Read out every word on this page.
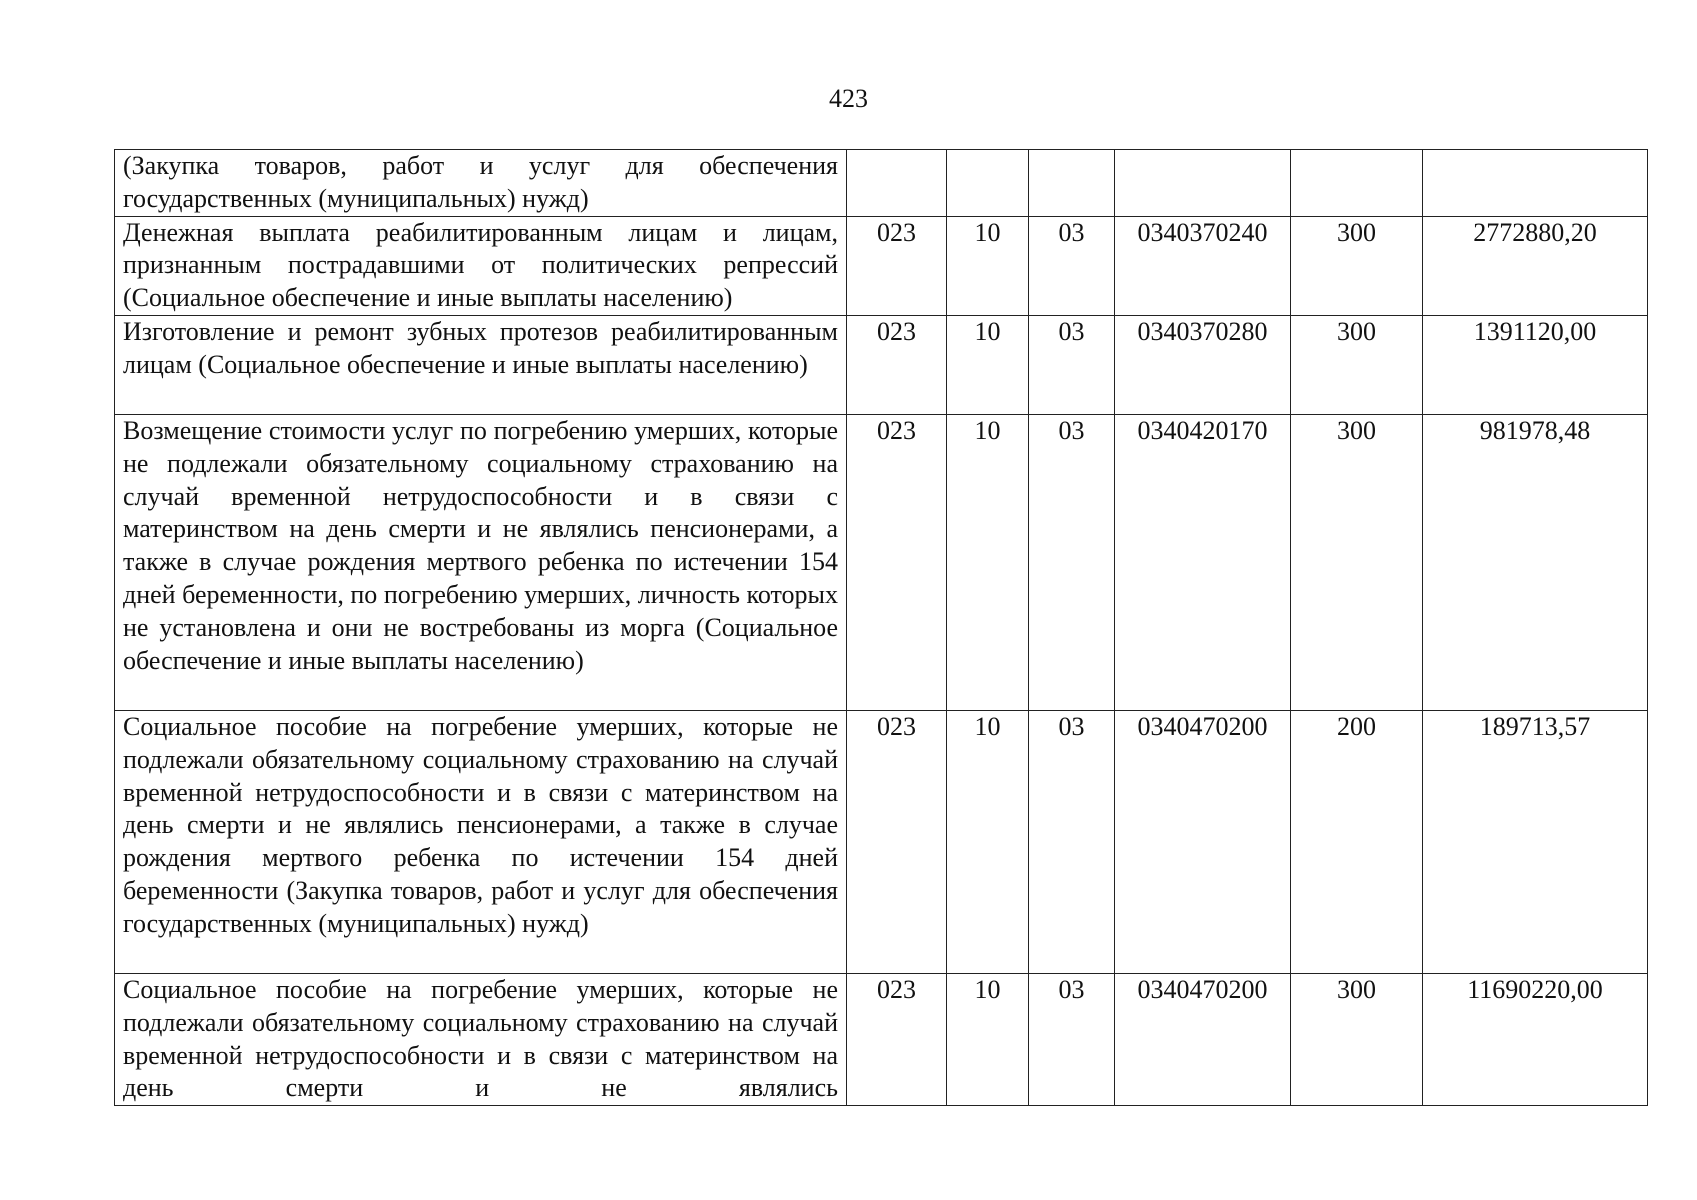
423
(Закупка товаров, работ и услуг для обеспечения государственных (муниципальных) нужд)						
Денежная выплата реабилитированным лицам и лицам, признанным пострадавшими от политических репрессий (Социальное обеспечение и иные выплаты населению)	023	10	03	0340370240	300	2772880,20
Изготовление и ремонт зубных протезов реабилитированным лицам (Социальное обеспечение и иные выплаты населению)	023	10	03	0340370280	300	1391120,00
Возмещение стоимости услуг по погребению умерших, которые не подлежали обязательному социальному страхованию на случай временной нетрудоспособности и в связи с материнством на день смерти и не являлись пенсионерами, а также в случае рождения мертвого ребенка по истечении 154 дней беременности, по погребению умерших, личность которых не установлена и они не востребованы из морга (Социальное обеспечение и иные выплаты населению)	023	10	03	0340420170	300	981978,48
Социальное пособие на погребение умерших, которые не подлежали обязательному социальному страхованию на случай временной нетрудоспособности и в связи с материнством на день смерти и не являлись пенсионерами, а также в случае рождения мертвого ребенка по истечении 154 дней беременности (Закупка товаров, работ и услуг для обеспечения государственных (муниципальных) нужд)	023	10	03	0340470200	200	189713,57
Социальное пособие на погребение умерших, которые не подлежали обязательному социальному страхованию на случай временной нетрудоспособности и в связи с материнством на день смерти и не являлись	023	10	03	0340470200	300	11690220,00
